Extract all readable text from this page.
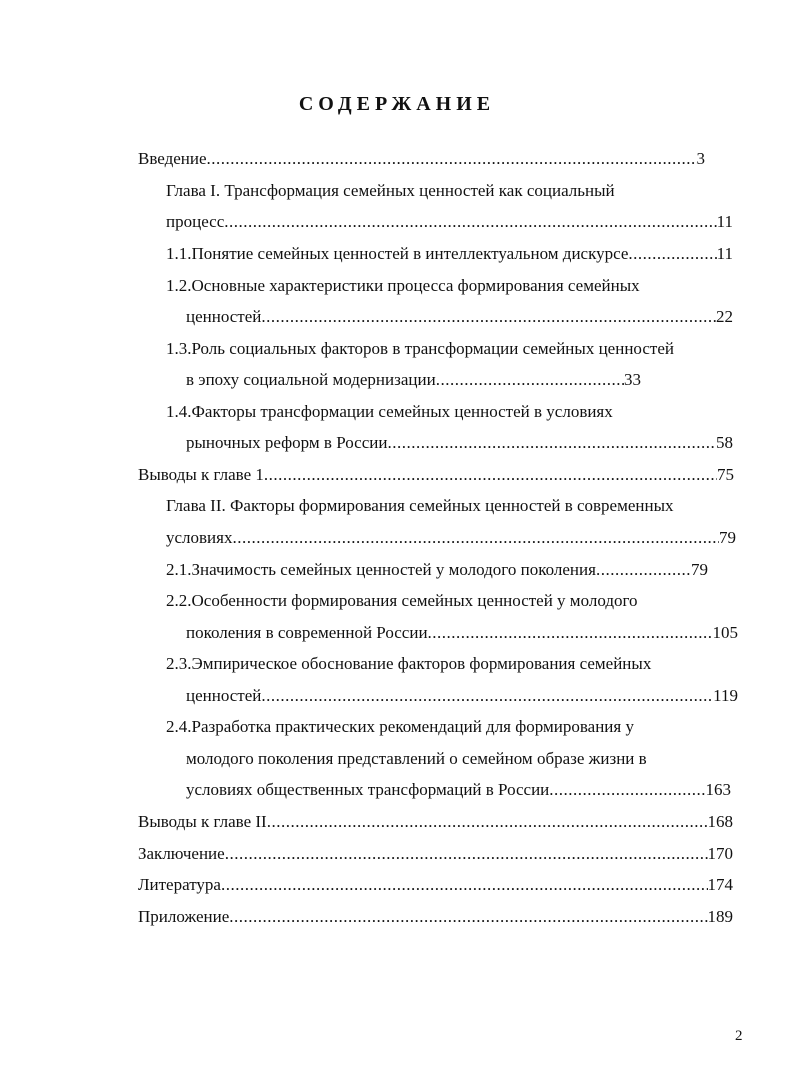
СОДЕРЖАНИЕ
Введение .....	3
Глава I. Трансформация семейных ценностей как социальный
процесс .....	11
1.1.Понятие семейных ценностей в интеллектуальном дискурсе .....	11
1.2.Основные характеристики процесса формирования семейных
ценностей .....	22
1.3.Роль социальных факторов в трансформации семейных ценностей
в эпоху социальной модернизации .....	33
1.4.Факторы трансформации семейных ценностей в условиях
рыночных реформ в России .....	58
Выводы к главе 1 .....	75
Глава II. Факторы формирования семейных ценностей в современных
условиях .....	79
2.1.Значимость семейных ценностей у молодого поколения .....	79
2.2.Особенности формирования семейных ценностей у молодого
поколения в современной России .....	105
2.3.Эмпирическое обоснование факторов формирования семейных
ценностей .....	119
2.4.Разработка практических рекомендаций для формирования у
молодого поколения представлений о семейном образе жизни в
условиях общественных трансформаций в России .....	163
Выводы к главе II .....	168
Заключение .....	170
Литература .....	174
Приложение .....	189
2
